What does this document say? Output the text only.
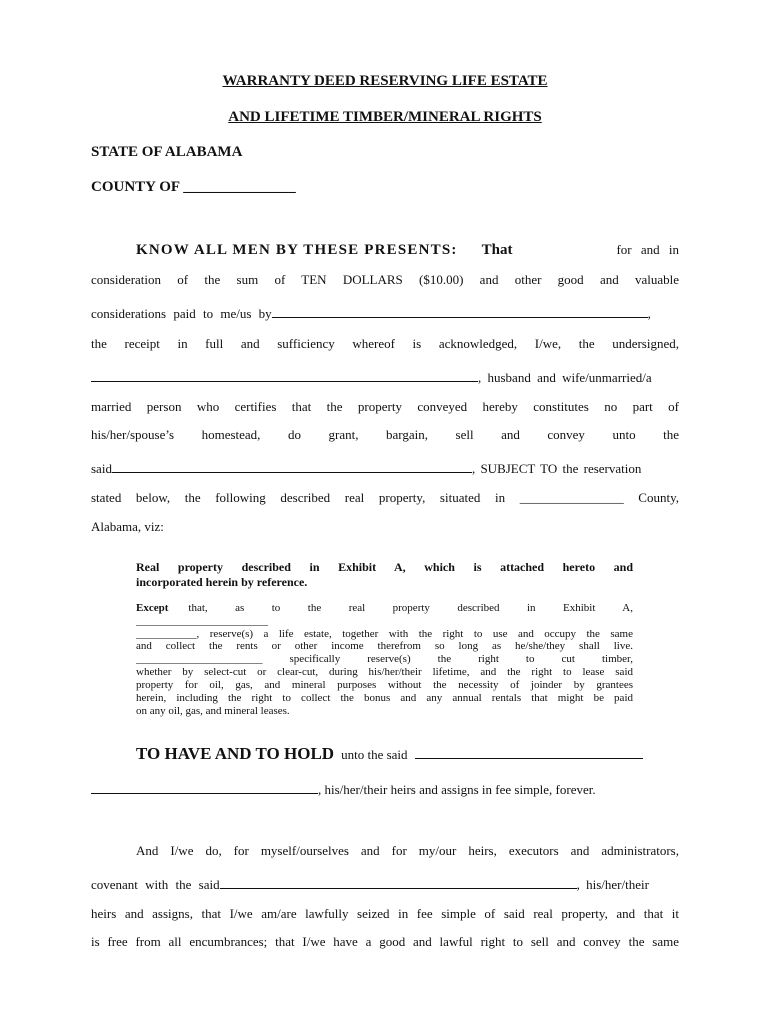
WARRANTY DEED RESERVING LIFE ESTATE
AND LIFETIME TIMBER/MINERAL RIGHTS
STATE OF ALABAMA
COUNTY OF _______________
KNOW ALL MEN BY THESE PRESENTS: That	for and in
consideration of the sum of TEN DOLLARS ($10.00) and other good and valuable
considerations paid to me/us by	,
the receipt in full and sufficiency whereof is acknowledged, I/we, the undersigned,
, husband and wife/unmarried/a
married person who certifies that the property conveyed hereby constitutes no part of
his/her/spouse’s homestead, do grant, bargain, sell and convey unto the
said	, SUBJECT TO the reservation
stated below, the following described real property, situated in ________________ County,
Alabama, viz:
Real property described in Exhibit A, which is attached hereto and
incorporated herein by reference.
Except that, as to the real property described in Exhibit A,
________________________
___________, reserve(s) a life estate, together with the right to use and occupy the same
and collect the rents or other income therefrom so long as he/she/they shall live.
_______________________ specifically reserve(s) the right to cut timber,
whether by select-cut or clear-cut, during his/her/their lifetime, and the right to lease said
property for oil, gas, and mineral purposes without the necessity of joinder by grantees
herein, including the right to collect the bonus and any annual rentals that might be paid
on any oil, gas, and mineral leases.
TO HAVE AND TO HOLD unto the said
, his/her/their heirs and assigns in fee simple, forever.
And I/we do, for myself/ourselves and for my/our heirs, executors and administrators,
covenant with the said	, his/her/their
heirs and assigns, that I/we am/are lawfully seized in fee simple of said real property, and that it
is free from all encumbrances; that I/we have a good and lawful right to sell and convey the same
